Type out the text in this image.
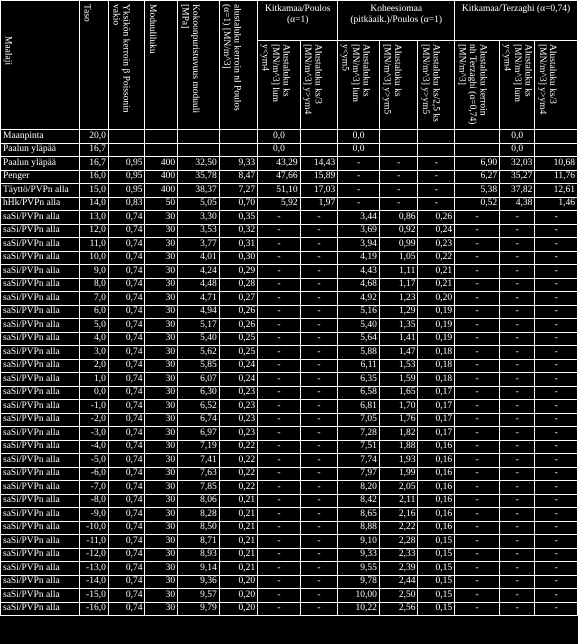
Maalaji	Taso	Yksikön kerroin β Poissonin vakio	Moduuliluku	Kokoonpuristuvuus moduuli [MPa]	alustaluku kerroin nl Poulos (α=1) [MN/m^3]	Kitkamaa/Poulos (α=1)		Koheesiomaa (pitkäaik.)/Poulos (α=1)			Kitkamaa/Terzaghi (α=0,74)		

						Alustaluku ks [MN/m^3] lum y<ym4	Alustaluku ks/3 [MN/m^3] y>ym4	Alustaluku ks [MN/m^3] lum y<ym5	Alustaluku ks [MN/m^3] y>ym5	Alustaluku ks/2,5 ks [MN/m^3] y>ym5	Alustaluku kerroin nh Terzaghi (α=0,74) [MN/m^3]	Alustaluku ks [MN/m^3] lum y<ym4	Alustaluku ks/3 [MN/m^3] y>ym4

Maanpinta	20,0					0,0		0,0				0,0	
Paalun yläpää	16,7					0,0		0,0				0,0	
Paalun yläpää	16,7	0,95	400	32,50	9,33	43,29	14,43	-	-	-	6,90	32,03	10,68
Penger	16,0	0,95	400	35,78	8,47	47,66	15,89	-	-	-	6,27	35,27	11,76
Täyttö/PVPn alla	15,0	0,95	400	38,37	7,27	51,10	17,03	-	-	-	5,38	37,82	12,61
hHk/PVPn alla	14,0	0,83	50	5,05	0,70	5,92	1,97	-	-	-	0,52	4,38	1,46
saSi/PVPn alla	13,0	0,74	30	3,30	0,35	-	-	3,44	0,86	0,26	-	-	-
saSi/PVPn alla	12,0	0,74	30	3,53	0,32	-	-	3,69	0,92	0,24	-	-	-
saSi/PVPn alla	11,0	0,74	30	3,77	0,31	-	-	3,94	0,99	0,23	-	-	-
saSi/PVPn alla	10,0	0,74	30	4,01	0,30	-	-	4,19	1,05	0,22	-	-	-
saSi/PVPn alla	9,0	0,74	30	4,24	0,29	-	-	4,43	1,11	0,21	-	-	-
saSi/PVPn alla	8,0	0,74	30	4,48	0,28	-	-	4,68	1,17	0,21	-	-	-
saSi/PVPn alla	7,0	0,74	30	4,71	0,27	-	-	4,92	1,23	0,20	-	-	-
saSi/PVPn alla	6,0	0,74	30	4,94	0,26	-	-	5,16	1,29	0,19	-	-	-
saSi/PVPn alla	5,0	0,74	30	5,17	0,26	-	-	5,40	1,35	0,19	-	-	-
saSi/PVPn alla	4,0	0,74	30	5,40	0,25	-	-	5,64	1,41	0,19	-	-	-
saSi/PVPn alla	3,0	0,74	30	5,62	0,25	-	-	5,88	1,47	0,18	-	-	-
saSi/PVPn alla	2,0	0,74	30	5,85	0,24	-	-	6,11	1,53	0,18	-	-	-
saSi/PVPn alla	1,0	0,74	30	6,07	0,24	-	-	6,35	1,59	0,18	-	-	-
saSi/PVPn alla	0,0	0,74	30	6,30	0,23	-	-	6,58	1,65	0,17	-	-	-
saSi/PVPn alla	-1,0	0,74	30	6,52	0,23	-	-	6,81	1,70	0,17	-	-	-
saSi/PVPn alla	-2,0	0,74	30	6,74	0,23	-	-	7,05	1,76	0,17	-	-	-
saSi/PVPn alla	-3,0	0,74	30	6,97	0,23	-	-	7,28	1,82	0,17	-	-	-
saSi/PVPn alla	-4,0	0,74	30	7,19	0,22	-	-	7,51	1,88	0,16	-	-	-
saSi/PVPn alla	-5,0	0,74	30	7,41	0,22	-	-	7,74	1,93	0,16	-	-	-
saSi/PVPn alla	-6,0	0,74	30	7,63	0,22	-	-	7,97	1,99	0,16	-	-	-
saSi/PVPn alla	-7,0	0,74	30	7,85	0,22	-	-	8,20	2,05	0,16	-	-	-
saSi/PVPn alla	-8,0	0,74	30	8,06	0,21	-	-	8,42	2,11	0,16	-	-	-
saSi/PVPn alla	-9,0	0,74	30	8,28	0,21	-	-	8,65	2,16	0,16	-	-	-
saSi/PVPn alla	-10,0	0,74	30	8,50	0,21	-	-	8,88	2,22	0,16	-	-	-
saSi/PVPn alla	-11,0	0,74	30	8,71	0,21	-	-	9,10	2,28	0,15	-	-	-
saSi/PVPn alla	-12,0	0,74	30	8,93	0,21	-	-	9,33	2,33	0,15	-	-	-
saSi/PVPn alla	-13,0	0,74	30	9,14	0,21	-	-	9,55	2,39	0,15	-	-	-
saSi/PVPn alla	-14,0	0,74	30	9,36	0,20	-	-	9,78	2,44	0,15	-	-	-
saSi/PVPn alla	-15,0	0,74	30	9,57	0,20	-	-	10,00	2,50	0,15	-	-	-
saSi/PVPn alla	-16,0	0,74	30	9,79	0,20	-	-	10,22	2,56	0,15	-	-	-
